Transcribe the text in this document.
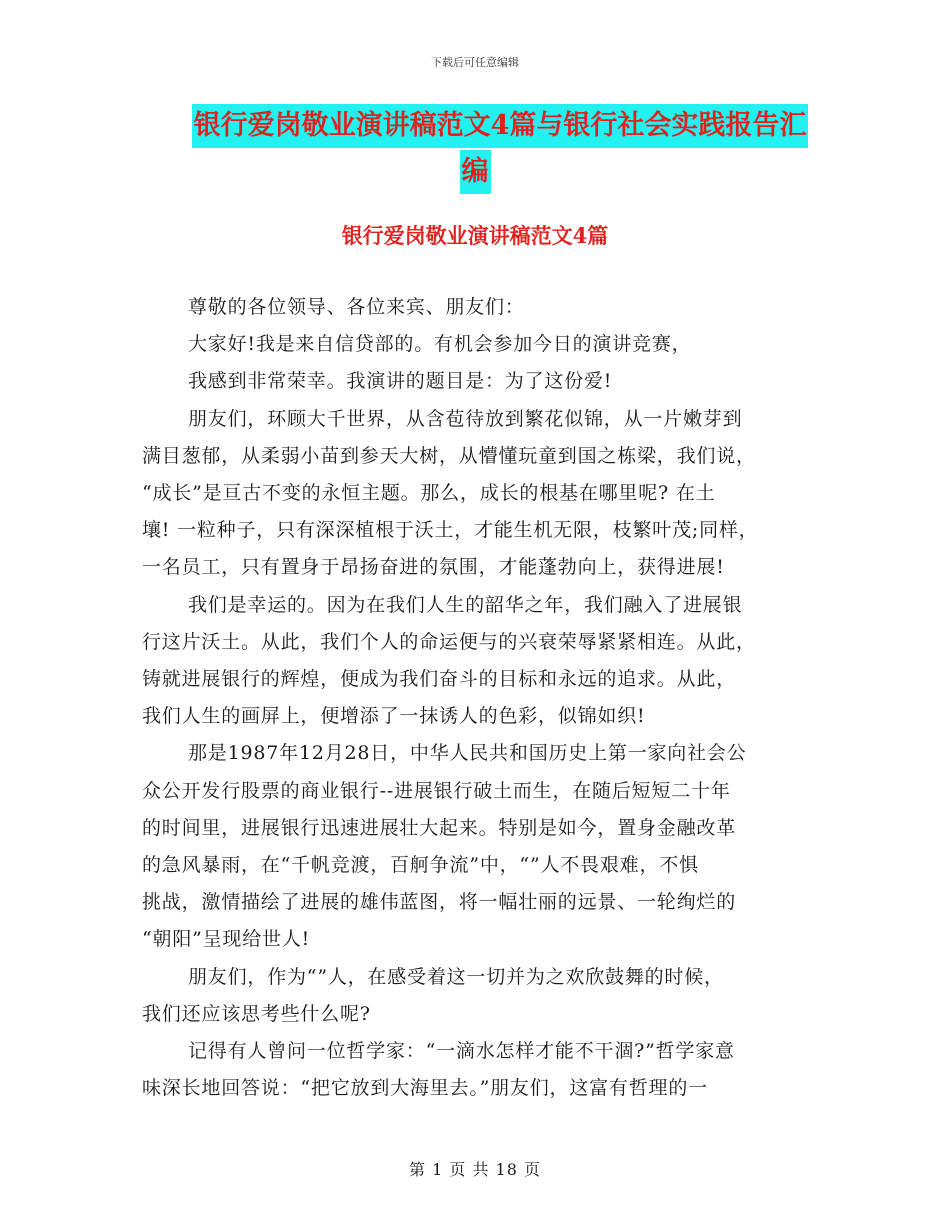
下载后可任意编辑
银行爱岗敬业演讲稿范文4篇与银行社会实践报告汇
编
银行爱岗敬业演讲稿范文4篇
尊敬的各位领导、各位来宾、朋友们：
大家好!我是来自信贷部的。有机会参加今日的演讲竞赛，
我感到非常荣幸。我演讲的题目是：为了这份爱!
朋友们，环顾大千世界，从含苞待放到繁花似锦，从一片嫩芽到
满目葱郁，从柔弱小苗到参天大树，从懵懂玩童到国之栋梁，我们说，
“成长”是亘古不变的永恒主题。那么，成长的根基在哪里呢? 在土
壤! 一粒种子，只有深深植根于沃土，才能生机无限，枝繁叶茂;同样，
一名员工，只有置身于昂扬奋进的氛围，才能蓬勃向上，获得进展!
我们是幸运的。因为在我们人生的韶华之年，我们融入了进展银
行这片沃土。从此，我们个人的命运便与的兴衰荣辱紧紧相连。从此，
铸就进展银行的辉煌，便成为我们奋斗的目标和永远的追求。从此，
我们人生的画屏上，便增添了一抹诱人的色彩，似锦如织!
那是1987年12月28日，中华人民共和国历史上第一家向社会公
众公开发行股票的商业银行--进展银行破土而生，在随后短短二十年
的时间里，进展银行迅速进展壮大起来。特别是如今，置身金融改革
的急风暴雨，在“千帆竞渡，百舸争流”中，“”人不畏艰难，不惧
挑战，激情描绘了进展的雄伟蓝图，将一幅壮丽的远景、一轮绚烂的
“朝阳”呈现给世人!
朋友们，作为“”人，在感受着这一切并为之欢欣鼓舞的时候，
我们还应该思考些什么呢?
记得有人曾问一位哲学家：“一滴水怎样才能不干涸?”哲学家意
味深长地回答说：“把它放到大海里去。”朋友们，这富有哲理的一
第 1 页 共 18 页
